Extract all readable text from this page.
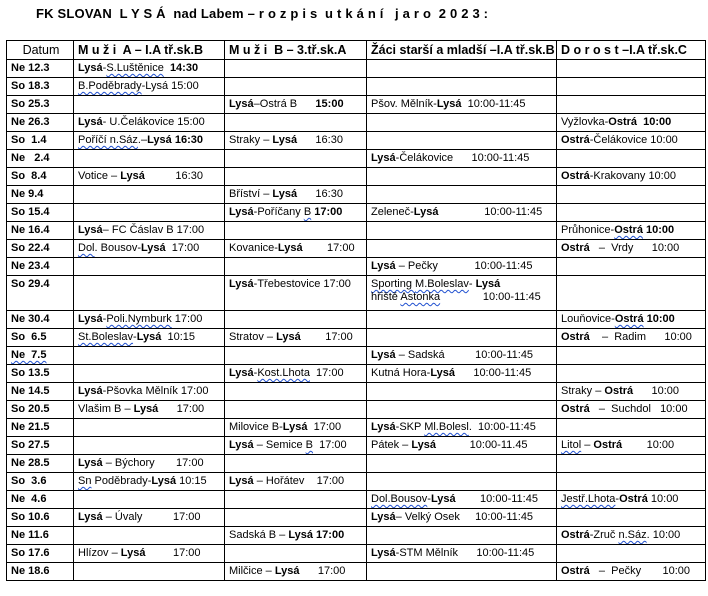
FK SLOVAN  L Y S Á  nad Labem – r o z p i s  u t k á n í   j a r o  2 0 2 3 :
Datum	M u ž i  A – I.A tř.sk.B	M u ž i  B – 3.tř.sk.A	Žáci starší a mladší –I.A tř.sk.B	D o r o s t –I.A tř.sk.C
Ne 12.3	Lysá-S.Luštěnice  14:30			
So 18.3	B.Poděbrady-Lysá 15:00			
So 25.3		Lysá–Ostrá B      15:00	Pšov. Mělník-Lysá  10:00-11:45	
Ne 26.3	Lysá- U.Čelákovice 15:00			Vyžlovka-Ostrá  10:00
So  1.4	Poříčí n.Sáz.–Lysá 16:30	Straky – Lysá      16:30		Ostrá-Čelákovice 10:00
Ne   2.4			Lysá-Čelákovice      10:00-11:45	
So  8.4	Votice – Lysá          16:30			Ostrá-Krakovany 10:00
Ne 9.4		Bříství – Lysá      16:30		
So 15.4		Lysá-Poříčany B 17:00	Zeleneč-Lysá               10:00-11:45	
Ne 16.4	Lysá– FC Čáslav B 17:00			Průhonice-Ostrá 10:00
So 22.4	Dol. Bousov-Lysá  17:00	Kovanice-Lysá        17:00		Ostrá   –  Vrdy      10:00
Ne 23.4			Lysá – Pečky            10:00-11:45	
So 29.4		Lysá-Třebestovice 17:00	Sporting M.Boleslav- Lysá
hřiště Astonka              10:00-11:45	
Ne 30.4	Lysá-Poli.Nymburk 17:00			Louňovice-Ostrá 10:00
So  6.5	St.Boleslav-Lysá  10:15	Stratov – Lysá        17:00		Ostrá    –  Radim      10:00
Ne  7.5			Lysá – Sadská          10:00-11:45	
So 13.5		Lysá-Kost.Lhota  17:00	Kutná Hora-Lysá      10:00-11:45	
Ne 14.5	Lysá-Pšovka Mělník 17:00			Straky – Ostrá      10:00
So 20.5	Vlašim B – Lysá      17:00			Ostrá   –  Suchdol   10:00
Ne 21.5		Milovice B-Lysá  17:00	Lysá-SKP Ml.Bolesl.  10:00-11:45	
So 27.5		Lysá – Semice B  17:00	Pátek – Lysá           10:00-11.45	Litol – Ostrá        10:00
Ne 28.5	Lysá – Býchory       17:00			
So  3.6	Sn Poděbrady-Lysá 10:15	Lysá – Hořátev    17:00		
Ne  4.6			Dol.Bousov-Lysá        10:00-11:45	Jestř.Lhota-Ostrá 10:00
So 10.6	Lysá – Úvaly          17:00		Lysá– Velký Osek     10:00-11:45	
Ne 11.6		Sadská B – Lysá 17:00		Ostrá-Zruč n.Sáz. 10:00
So 17.6	Hlízov – Lysá         17:00		Lysá-STM Mělník      10:00-11:45	
Ne 18.6		Milčice – Lysá      17:00		Ostrá   –  Pečky       10:00
